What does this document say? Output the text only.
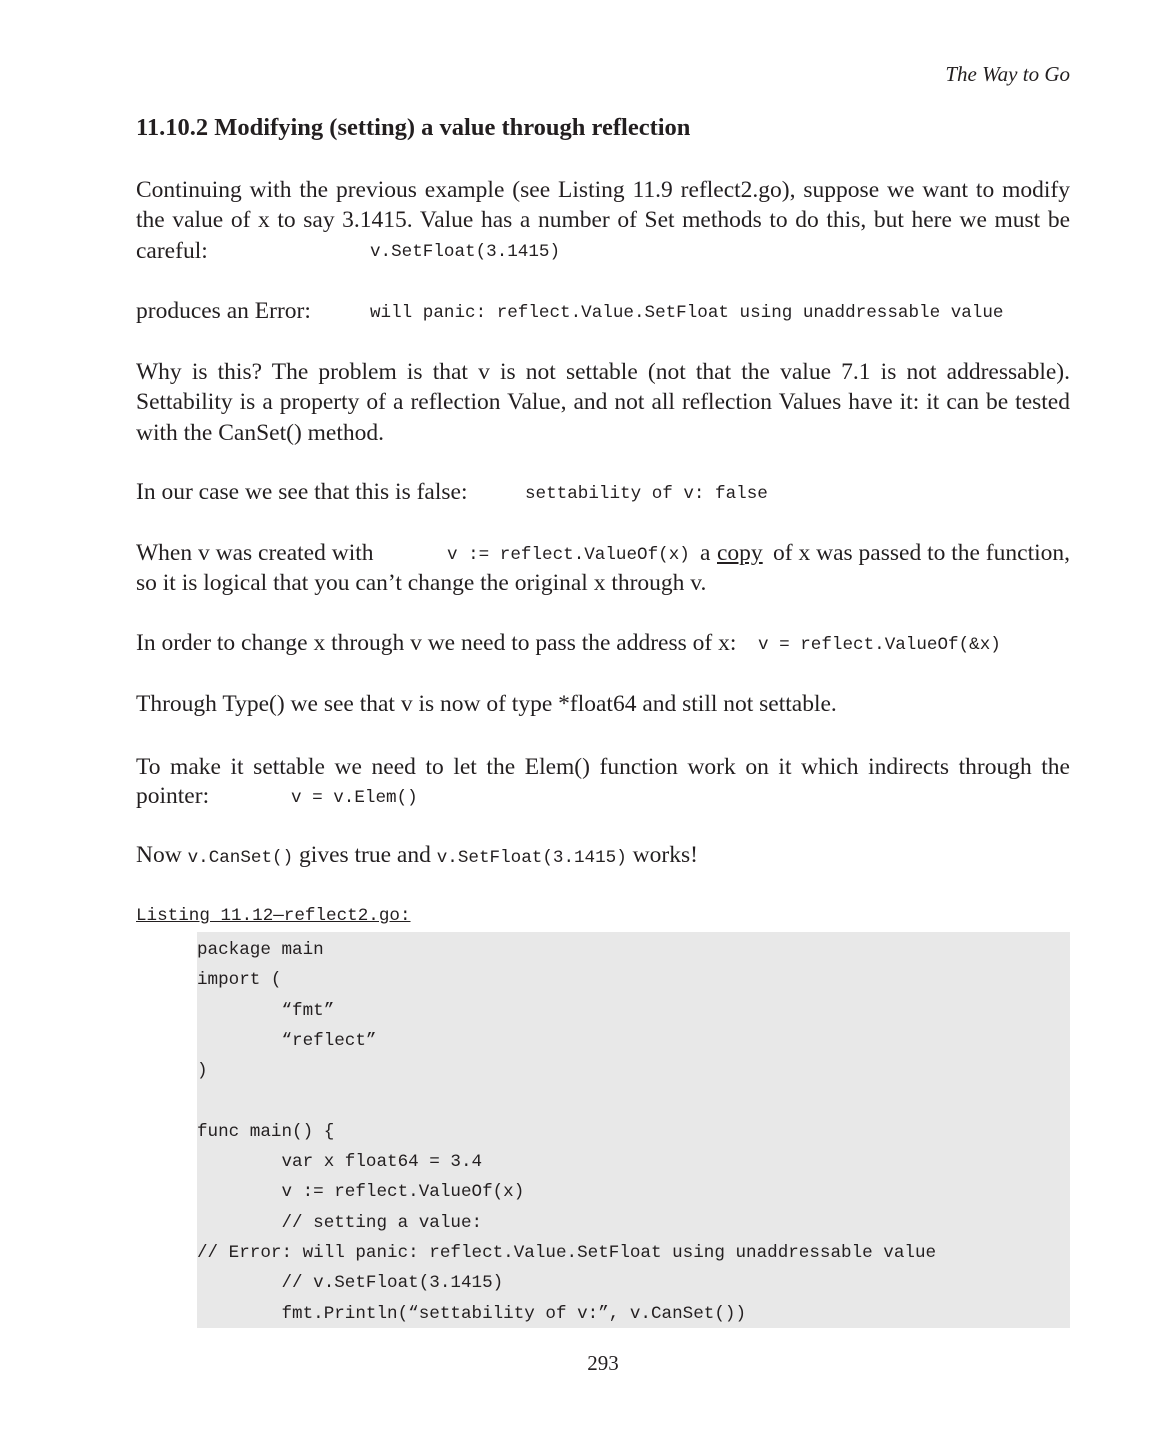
The Way to Go
11.10.2 Modifying (setting) a value through reflection
Continuing with the previous example (see Listing 11.9 reflect2.go), suppose we want to modify the value of x to say 3.1415. Value has a number of Set methods to do this, but here we must be careful:	v.SetFloat(3.1415)
produces an Error:	will panic: reflect.Value.SetFloat using unaddressable value
Why is this? The problem is that v is not settable (not that the value 7.1 is not addressable). Settability is a property of a reflection Value, and not all reflection Values have it: it can be tested with the CanSet() method.
In our case we see that this is false:	settability of v: false
When v was created with	v := reflect.ValueOf(x) a copy of x was passed to the function,
so it is logical that you can’t change the original x through v.
In order to change x through v we need to pass the address of x: v = reflect.ValueOf(&x)
Through Type() we see that v is now of type *float64 and still not settable.
To make it settable we need to let the Elem() function work on it which indirects through the
pointer:	v = v.Elem()
Now v.CanSet() gives true and v.SetFloat(3.1415) works!
Listing 11.12—reflect2.go:
package main
import (
“fmt”
“reflect”
)
func main() {
var x float64 = 3.4
v := reflect.ValueOf(x)
// setting a value:
// Error: will panic: reflect.Value.SetFloat using unaddressable value
// v.SetFloat(3.1415)
fmt.Println(“settability of v:”, v.CanSet())
293
